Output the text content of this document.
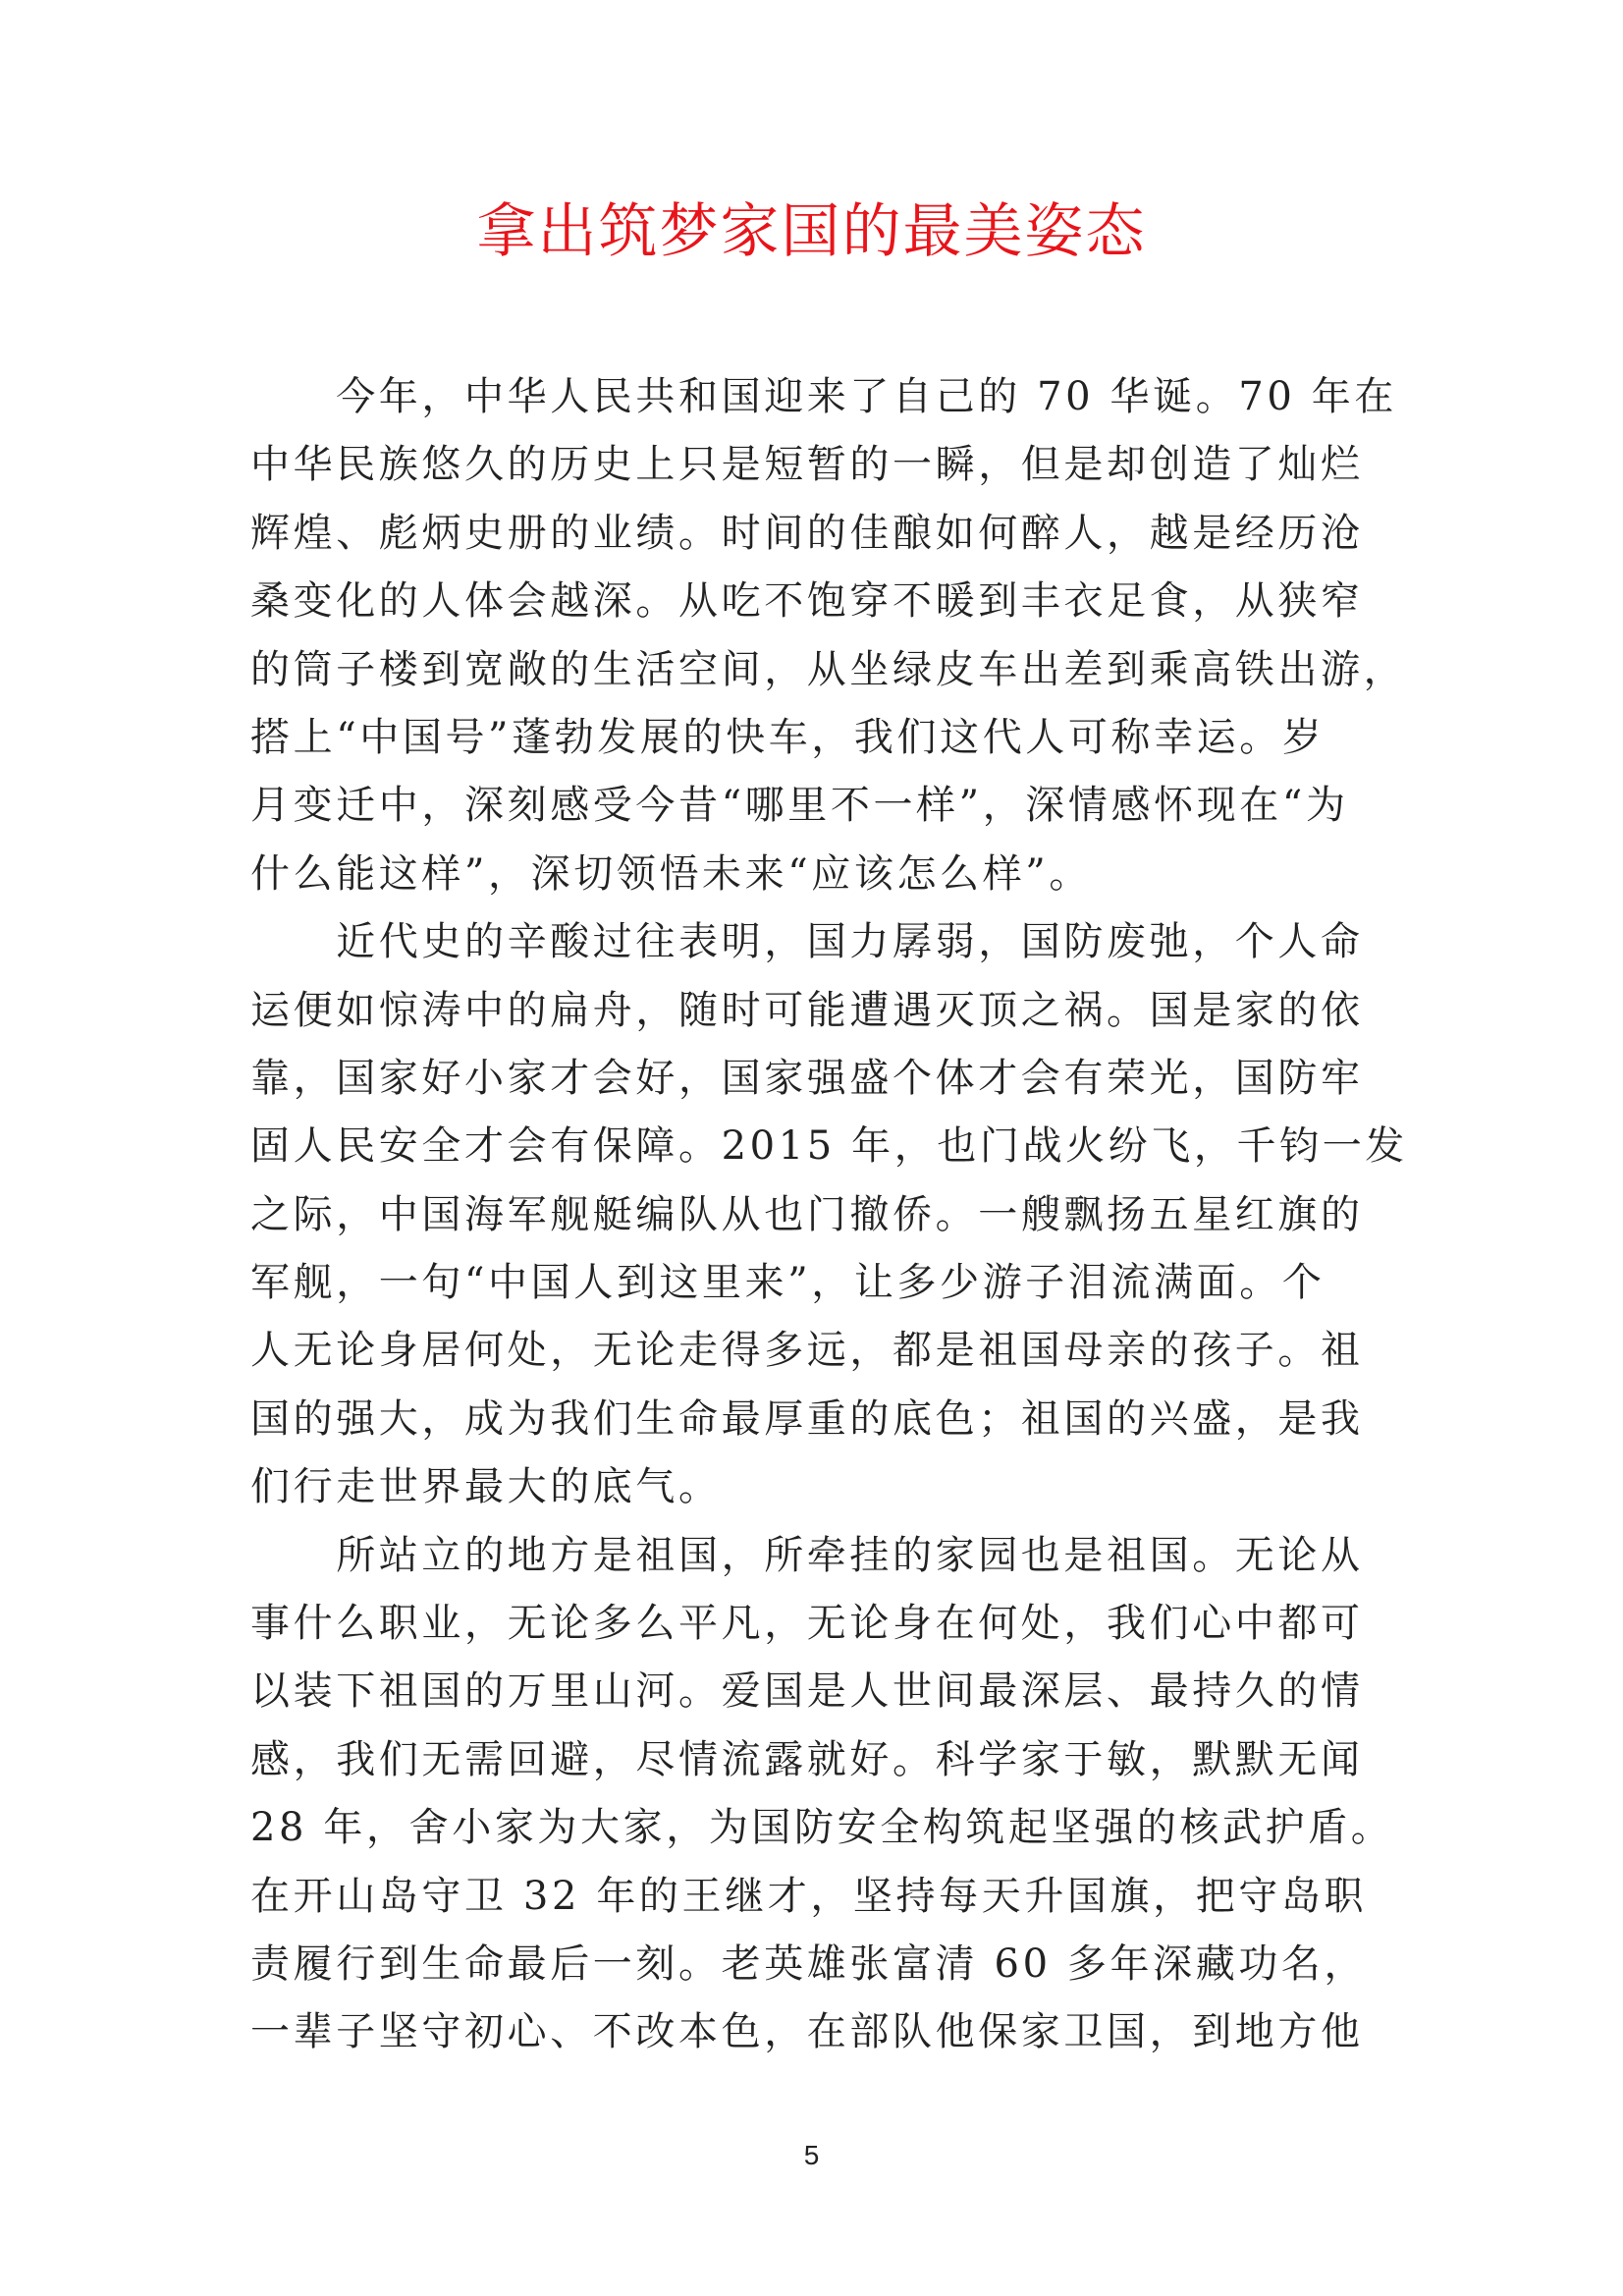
拿出筑梦家国的最美姿态
　　今年，中华人民共和国迎来了自己的 70 华诞。70 年在
中华民族悠久的历史上只是短暂的一瞬，但是却创造了灿烂
辉煌、彪炳史册的业绩。时间的佳酿如何醉人，越是经历沧
桑变化的人体会越深。从吃不饱穿不暖到丰衣足食，从狭窄
的筒子楼到宽敞的生活空间，从坐绿皮车出差到乘高铁出游，
搭上“中国号”蓬勃发展的快车，我们这代人可称幸运。岁
月变迁中，深刻感受今昔“哪里不一样”，深情感怀现在“为
什么能这样”，深切领悟未来“应该怎么样”。
　　近代史的辛酸过往表明，国力孱弱，国防废弛，个人命
运便如惊涛中的扁舟，随时可能遭遇灭顶之祸。国是家的依
靠，国家好小家才会好，国家强盛个体才会有荣光，国防牢
固人民安全才会有保障。2015 年，也门战火纷飞，千钧一发
之际，中国海军舰艇编队从也门撤侨。一艘飘扬五星红旗的
军舰，一句“中国人到这里来”，让多少游子泪流满面。个
人无论身居何处，无论走得多远，都是祖国母亲的孩子。祖
国的强大，成为我们生命最厚重的底色；祖国的兴盛，是我
们行走世界最大的底气。
　　所站立的地方是祖国，所牵挂的家园也是祖国。无论从
事什么职业，无论多么平凡，无论身在何处，我们心中都可
以装下祖国的万里山河。爱国是人世间最深层、最持久的情
感，我们无需回避，尽情流露就好。科学家于敏，默默无闻
28 年，舍小家为大家，为国防安全构筑起坚强的核武护盾。
在开山岛守卫 32 年的王继才，坚持每天升国旗，把守岛职
责履行到生命最后一刻。老英雄张富清 60 多年深藏功名，
一辈子坚守初心、不改本色，在部队他保家卫国，到地方他
5
